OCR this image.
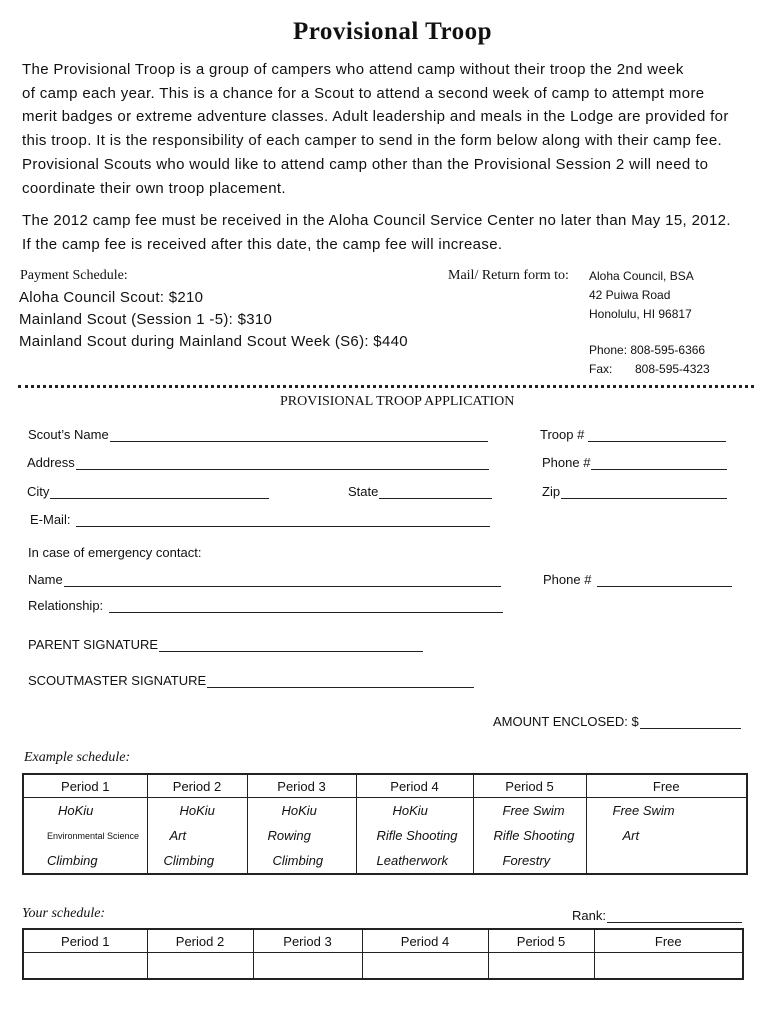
Provisional Troop
The Provisional Troop is a group of campers who attend camp without their troop the 2nd week
of camp each year. This is a chance for a Scout to attend a second week of camp to attempt more
merit badges or extreme adventure classes. Adult leadership and meals in the Lodge are provided for
this troop. It is the responsibility of each camper to send in the form below along with their camp fee.
Provisional Scouts who would like to attend camp other than the Provisional Session 2 will need to
coordinate their own troop placement.
The 2012 camp fee must be received in the Aloha Council Service Center no later than May 15, 2012.
If the camp fee is received after this date, the camp fee will increase.
Payment Schedule:
Aloha Council Scout: $210
Mainland Scout (Session 1 -5): $310
Mainland Scout during Mainland Scout Week (S6): $440
Mail/ Return form to: Aloha Council, BSA
42 Puiwa Road
Honolulu, HI 96817
Phone: 808-595-6366
Fax: 808-595-4323
PROVISIONAL TROOP APPLICATION
Scout’s Name	Troop #
Address	Phone #
City	State	Zip
E-Mail:
In case of emergency contact:
Name	Phone #
Relationship:
PARENT SIGNATURE
SCOUTMASTER SIGNATURE
AMOUNT ENCLOSED: $
Example schedule:
Period 1	Period 2	Period 3	Period 4	Period 5	Free
HoKiu	HoKiu	HoKiu	HoKiu	Free Swim	Free Swim
Environmental Science	Art	Rowing	Rifle Shooting	Rifle Shooting	Art
Climbing	Climbing	Climbing	Leatherwork	Forestry	
Your schedule:	Rank:
Period 1	Period 2	Period 3	Period 4	Period 5	Free
